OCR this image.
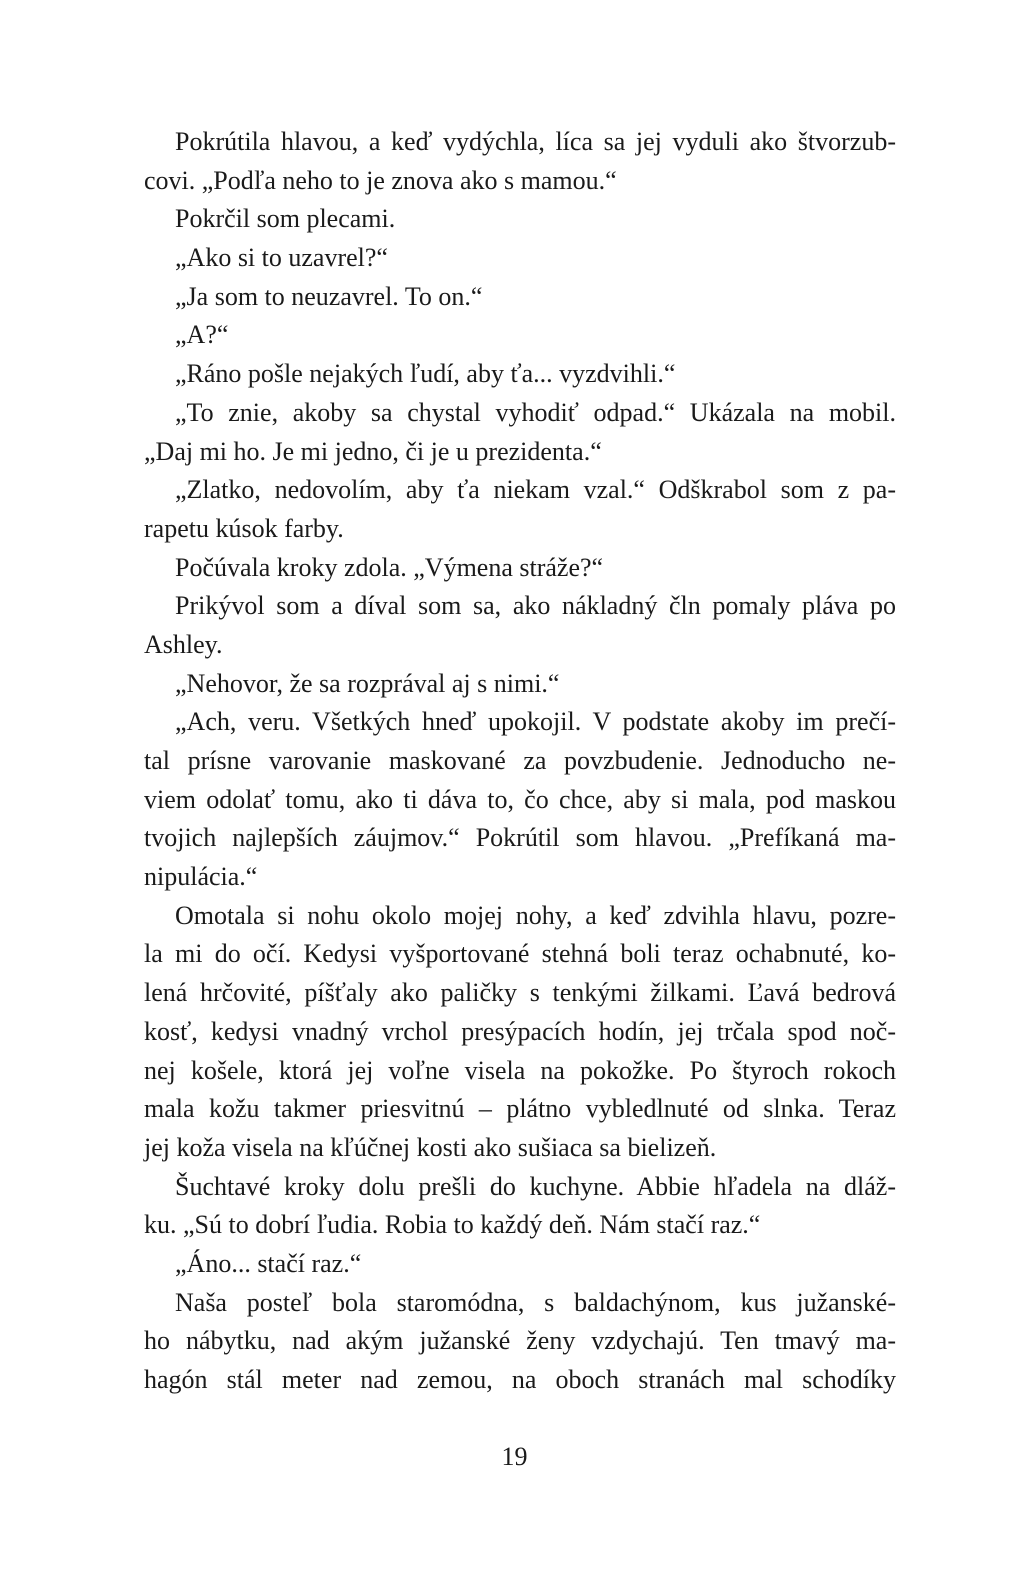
Pokrútila hlavou, a keď vydýchla, líca sa jej vyduli ako štvorzub-
covi. „Podľa neho to je znova ako s mamou.“
Pokrčil som plecami.
„Ako si to uzavrel?“
„Ja som to neuzavrel. To on.“
„A?“
„Ráno pošle nejakých ľudí, aby ťa... vyzdvihli.“
„To znie, akoby sa chystal vyhodiť odpad.“ Ukázala na mobil.
„Daj mi ho. Je mi jedno, či je u prezidenta.“
„Zlatko, nedovolím, aby ťa niekam vzal.“ Odškrabol som z pa-
rapetu kúsok farby.
Počúvala kroky zdola. „Výmena stráže?“
Prikývol som a díval som sa, ako nákladný čln pomaly pláva po
Ashley.
„Nehovor, že sa rozprával aj s nimi.“
„Ach, veru. Všetkých hneď upokojil. V podstate akoby im prečí-
tal prísne varovanie maskované za povzbudenie. Jednoducho ne-
viem odolať tomu, ako ti dáva to, čo chce, aby si mala, pod maskou
tvojich najlepších záujmov.“ Pokrútil som hlavou. „Prefíkaná ma-
nipulácia.“
Omotala si nohu okolo mojej nohy, a keď zdvihla hlavu, pozre-
la mi do očí. Kedysi vyšportované stehná boli teraz ochabnuté, ko-
lená hrčovité, píšťaly ako paličky s tenkými žilkami. Ľavá bedrová
kosť, kedysi vnadný vrchol presýpacích hodín, jej trčala spod noč-
nej košele, ktorá jej voľne visela na pokožke. Po štyroch rokoch
mala kožu takmer priesvitnú – plátno vybledlnuté od slnka. Teraz
jej koža visela na kľúčnej kosti ako sušiaca sa bielizeň.
Šuchtavé kroky dolu prešli do kuchyne. Abbie hľadela na dláž-
ku. „Sú to dobrí ľudia. Robia to každý deň. Nám stačí raz.“
„Áno... stačí raz.“
Naša posteľ bola staromódna, s baldachýnom, kus južanské-
ho nábytku, nad akým južanské ženy vzdychajú. Ten tmavý ma-
hagón stál meter nad zemou, na oboch stranách mal schodíky
19
